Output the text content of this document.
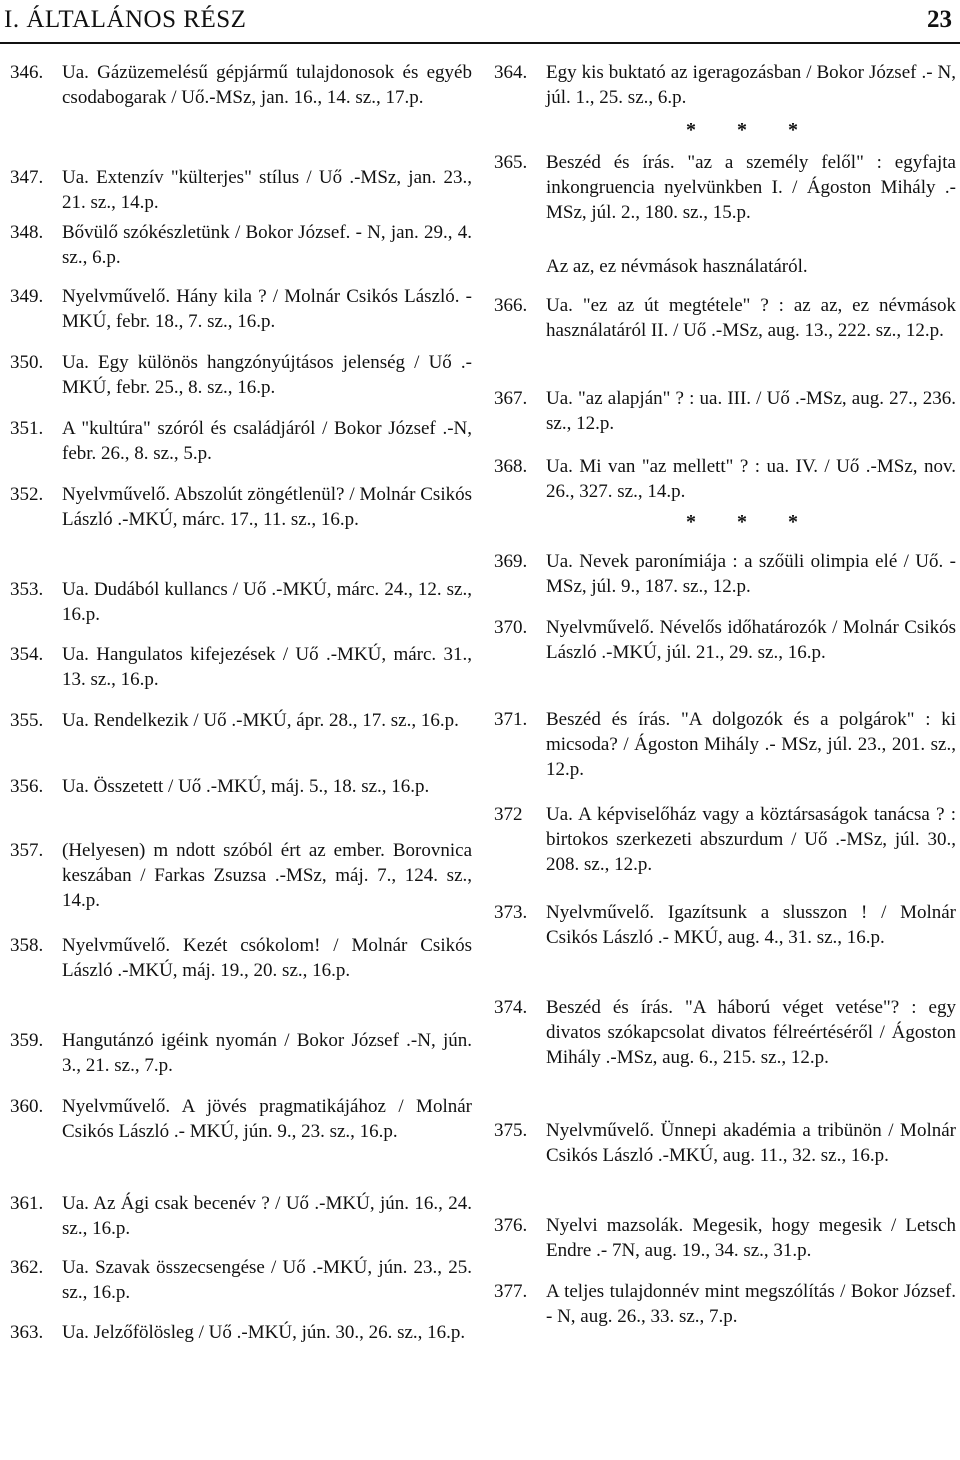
I. ÁLTALÁNOS RÉSZ	23
346. Ua. Gázüzemelésű gépjármű tulajdonosok és egyéb csodabogarak / Uő.-MSz, jan. 16., 14. sz., 17.p.
347. Ua. Extenzív "külterjes" stílus / Uő .-MSz, jan. 23., 21. sz., 14.p.
348. Bővülő szókészletünk / Bokor József. - N, jan. 29., 4. sz., 6.p.
349. Nyelvművelő. Hány kila ? / Molnár Csikós László. - MKÚ, febr. 18., 7. sz., 16.p.
350. Ua. Egy különös hangzónyújtásos jelenség / Uő .-MKÚ, febr. 25., 8. sz., 16.p.
351. A "kultúra" szóról és családjáról / Bokor József .-N, febr. 26., 8. sz., 5.p.
352. Nyelvművelő. Abszolút zöngétlenül? / Molnár Csikós László .-MKÚ, márc. 17., 11. sz., 16.p.
353. Ua. Dudából kullancs / Uő .-MKÚ, márc. 24., 12. sz., 16.p.
354. Ua. Hangulatos kifejezések / Uő .-MKÚ, márc. 31., 13. sz., 16.p.
355. Ua. Rendelkezik / Uő .-MKÚ, ápr. 28., 17. sz., 16.p.
356. Ua. Összetett / Uő .-MKÚ, máj. 5., 18. sz., 16.p.
357. (Helyesen) m ndott szóból ért az ember. Borovnica keszában / Farkas Zsuzsa .-MSz, máj. 7., 124. sz., 14.p.
358. Nyelvművelő. Kezét csókolom! / Molnár Csikós László .-MKÚ, máj. 19., 20. sz., 16.p.
359. Hangutánzó igéink nyomán / Bokor József .-N, jún. 3., 21. sz., 7.p.
360. Nyelvművelő. A jövés pragmatikájához / Molnár Csikós László .- MKÚ, jún. 9., 23. sz., 16.p.
361. Ua. Az Ági csak becenév ? / Uő .-MKÚ, jún. 16., 24. sz., 16.p.
362. Ua. Szavak összecsengése / Uő .-MKÚ, jún. 23., 25. sz., 16.p.
363. Ua. Jelzőfölösleg / Uő .-MKÚ, jún. 30., 26. sz., 16.p.
364. Egy kis buktató az igeragozásban / Bokor József .- N, júl. 1., 25. sz., 6.p.
* * *
365. Beszéd és írás. "az a személy felől" : egyfajta inkongruencia nyelvünkben I. / Ágoston Mihály .- MSz, júl. 2., 180. sz., 15.p.
Az az, ez névmások használatáról.
366. Ua. "ez az út megtétele" ? : az az, ez névmások használatáról II. / Uő .-MSz, aug. 13., 222. sz., 12.p.
367. Ua. "az alapján" ? : ua. III. / Uő .-MSz, aug. 27., 236. sz., 12.p.
368. Ua. Mi van "az mellett" ? : ua. IV. / Uő .-MSz, nov. 26., 327. sz., 14.p.
* * *
369. Ua. Nevek paronímiája : a szőüli olimpia elé / Uő. - MSz, júl. 9., 187. sz., 12.p.
370. Nyelvművelő. Névelős időhatározók / Molnár Csikós László .-MKÚ, júl. 21., 29. sz., 16.p.
371. Beszéd és írás. "A dolgozók és a polgárok" : ki micsoda? / Ágoston Mihály .- MSz, júl. 23., 201. sz., 12.p.
372	Ua. A képviselőház vagy a köztársaságok tanácsa ? : birtokos szerkezeti abszurdum / Uő .-MSz, júl. 30., 208. sz., 12.p.
373. Nyelvművelő. Igazítsunk a slusszon ! / Molnár Csikós László .- MKÚ, aug. 4., 31. sz., 16.p.
374. Beszéd és írás. "A háború véget vetése"? : egy divatos szókapcsolat divatos félreértéséről / Ágoston Mihály .-MSz, aug. 6., 215. sz., 12.p.
375. Nyelvművelő. Ünnepi akadémia a tribünön / Molnár Csikós László .-MKÚ, aug. 11., 32. sz., 16.p.
376. Nyelvi mazsolák. Megesik, hogy megesik / Letsch Endre .- 7N, aug. 19., 34. sz., 31.p.
377. A teljes tulajdonnév mint megszólítás / Bokor József. - N, aug. 26., 33. sz., 7.p.
